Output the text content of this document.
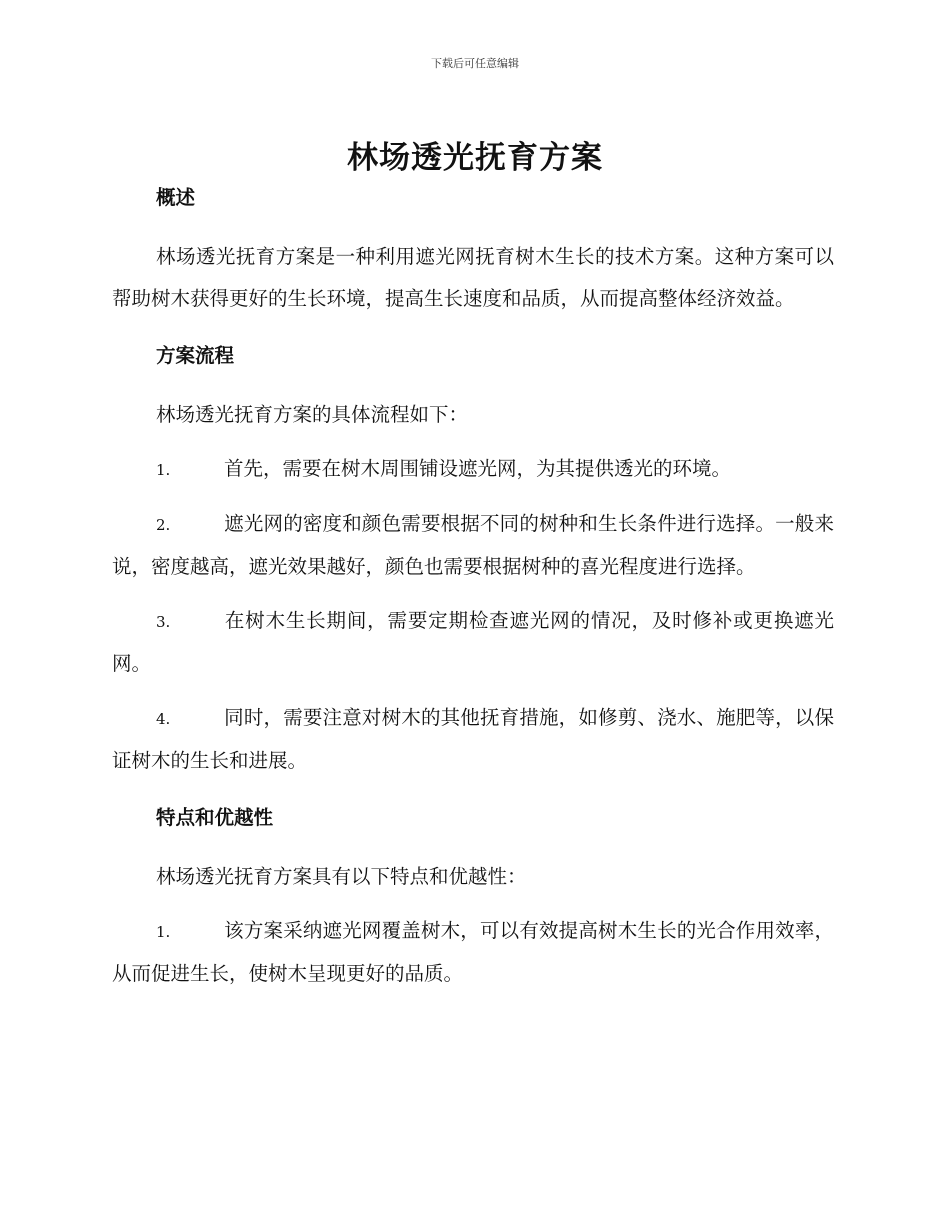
下载后可任意编辑
林场透光抚育方案
概述

林场透光抚育方案是一种利用遮光网抚育树木生长的技术方案。这种方案可以帮助树木获得更好的生长环境，提高生长速度和品质，从而提高整体经济效益。

方案流程

林场透光抚育方案的具体流程如下：

1.	首先，需要在树木周围铺设遮光网，为其提供透光的环境。

2.	遮光网的密度和颜色需要根据不同的树种和生长条件进行选择。一般来说，密度越高，遮光效果越好，颜色也需要根据树种的喜光程度进行选择。

3.	在树木生长期间，需要定期检查遮光网的情况，及时修补或更换遮光网。

4.	同时，需要注意对树木的其他抚育措施，如修剪、浇水、施肥等，以保证树木的生长和进展。

特点和优越性

林场透光抚育方案具有以下特点和优越性：

1.	该方案采纳遮光网覆盖树木，可以有效提高树木生长的光合作用效率，从而促进生长，使树木呈现更好的品质。
